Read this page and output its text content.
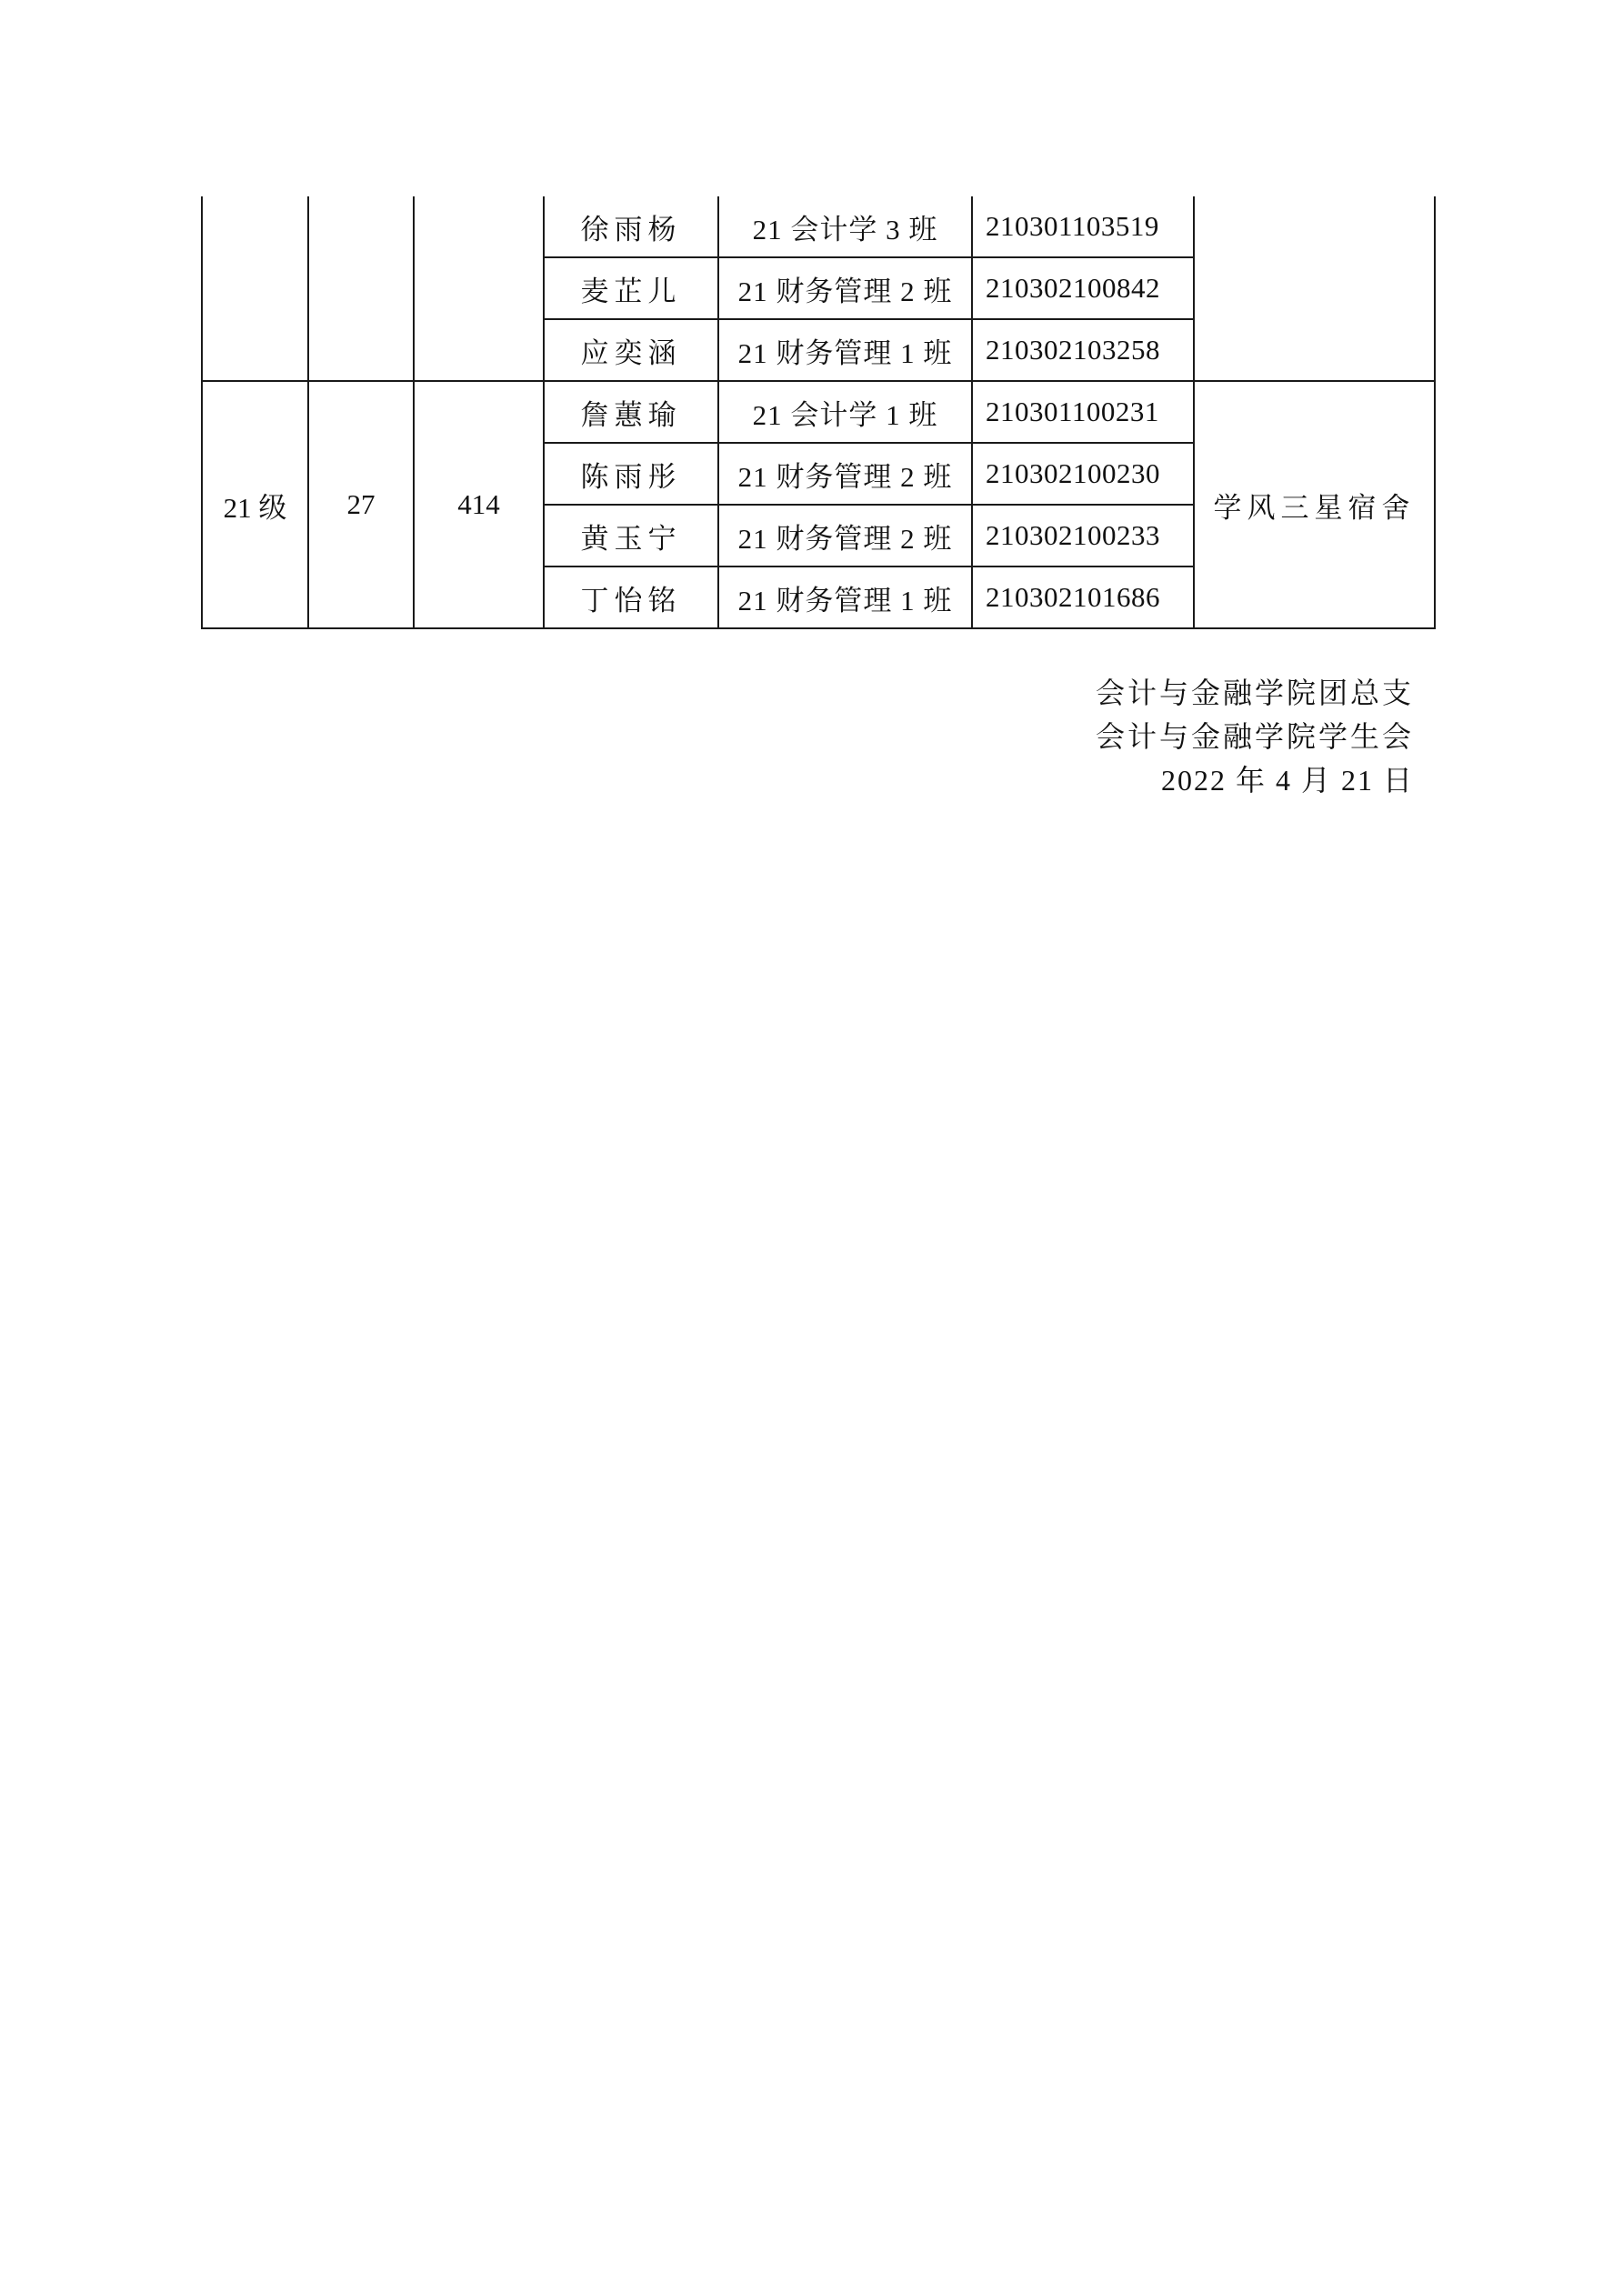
			徐雨杨	21 会计学 3 班	210301103519	
			麦芷儿	21 财务管理 2 班	210302100842	
			应奕涵	21 财务管理 1 班	210302103258	
21 级	27	414	詹蕙瑜	21 会计学 1 班	210301100231	学风三星宿舍
			陈雨彤	21 财务管理 2 班	210302100230	
			黄玉宁	21 财务管理 2 班	210302100233	
			丁怡铭	21 财务管理 1 班	210302101686	
会计与金融学院团总支
会计与金融学院学生会
2022 年 4 月 21 日
